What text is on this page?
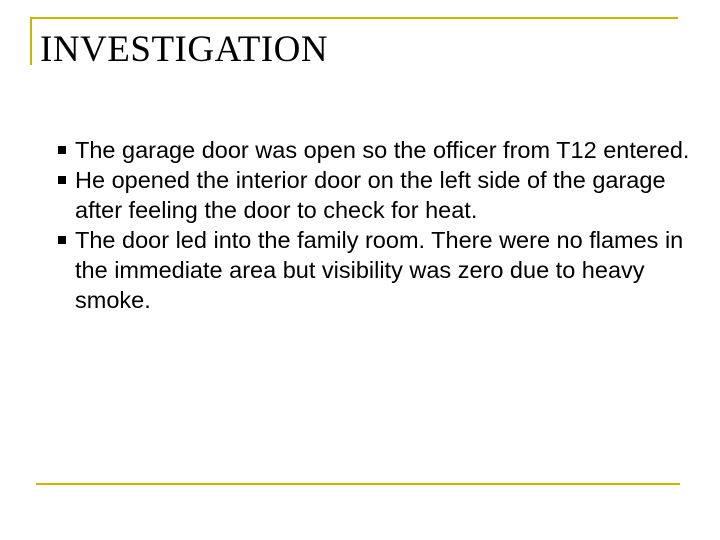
INVESTIGATION
The garage door was open so the officer from T12 entered.
He opened the interior door on the left side of the garage after feeling the door to check for heat.
The door led into the family room. There were no flames in the immediate area but visibility was zero due to heavy smoke.
